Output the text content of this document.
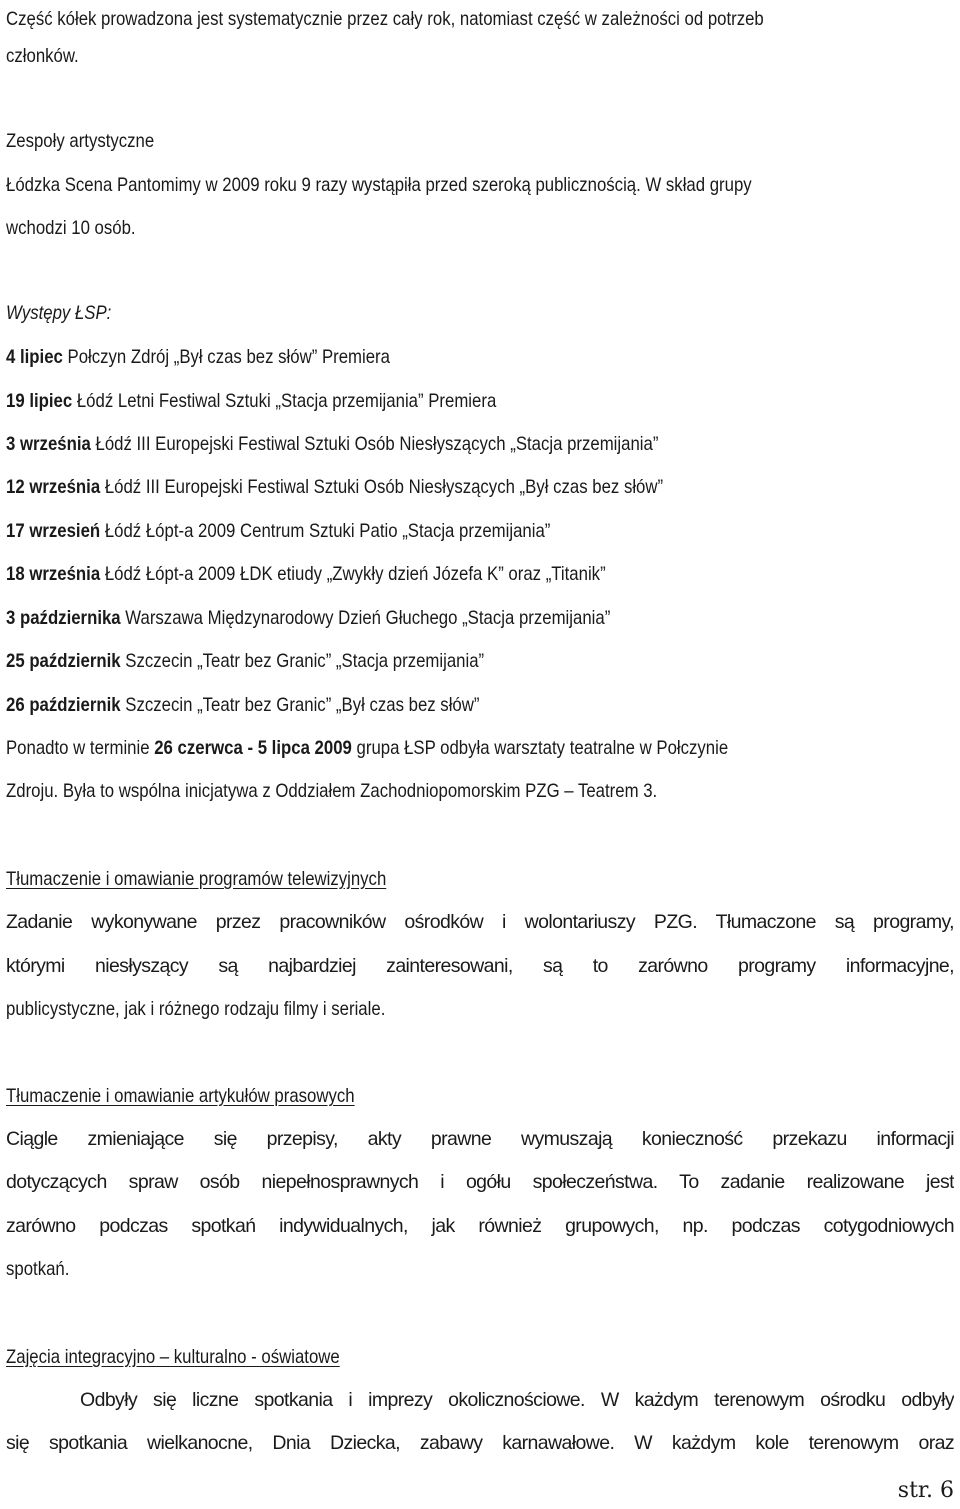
Część kółek prowadzona jest systematycznie przez cały rok, natomiast część w zależności od potrzeb
członków.
Zespoły artystyczne
Łódzka Scena Pantomimy w 2009 roku 9 razy wystąpiła przed szeroką publicznością. W skład grupy
wchodzi 10 osób.
Występy ŁSP:
4 lipiec Połczyn Zdrój „Był czas bez słów” Premiera
19 lipiec Łódź Letni Festiwal Sztuki „Stacja przemijania” Premiera
3 września Łódź III Europejski Festiwal Sztuki Osób Niesłyszących „Stacja przemijania”
12 września Łódź III Europejski Festiwal Sztuki Osób Niesłyszących „Był czas bez słów”
17 wrzesień Łódź Łópt-a 2009 Centrum Sztuki Patio „Stacja przemijania”
18 września Łódź Łópt-a 2009 ŁDK etiudy „Zwykły dzień Józefa K” oraz „Titanik”
3 października Warszawa Międzynarodowy Dzień Głuchego „Stacja przemijania”
25 październik Szczecin „Teatr bez Granic” „Stacja przemijania”
26 październik Szczecin „Teatr bez Granic” „Był czas bez słów”
Ponadto w terminie 26 czerwca - 5 lipca 2009 grupa ŁSP odbyła warsztaty teatralne w Połczynie
Zdroju. Była to wspólna inicjatywa z Oddziałem Zachodniopomorskim PZG – Teatrem 3.
Tłumaczenie i omawianie programów telewizyjnych
Zadanie wykonywane przez pracowników ośrodków i wolontariuszy PZG. Tłumaczone są programy,
którymi niesłyszący są najbardziej zainteresowani, są to zarówno programy informacyjne,
publicystyczne, jak i różnego rodzaju filmy i seriale.
Tłumaczenie i omawianie artykułów prasowych
Ciągle zmieniające się przepisy, akty prawne wymuszają konieczność przekazu informacji
dotyczących spraw osób niepełnosprawnych i ogółu społeczeństwa. To zadanie realizowane jest
zarówno podczas spotkań indywidualnych, jak również grupowych, np. podczas cotygodniowych
spotkań.
Zajęcia integracyjno – kulturalno - oświatowe
Odbyły się liczne spotkania i imprezy okolicznościowe. W każdym terenowym ośrodku odbyły
się spotkania wielkanocne, Dnia Dziecka, zabawy karnawałowe. W każdym kole terenowym oraz
str. 6
